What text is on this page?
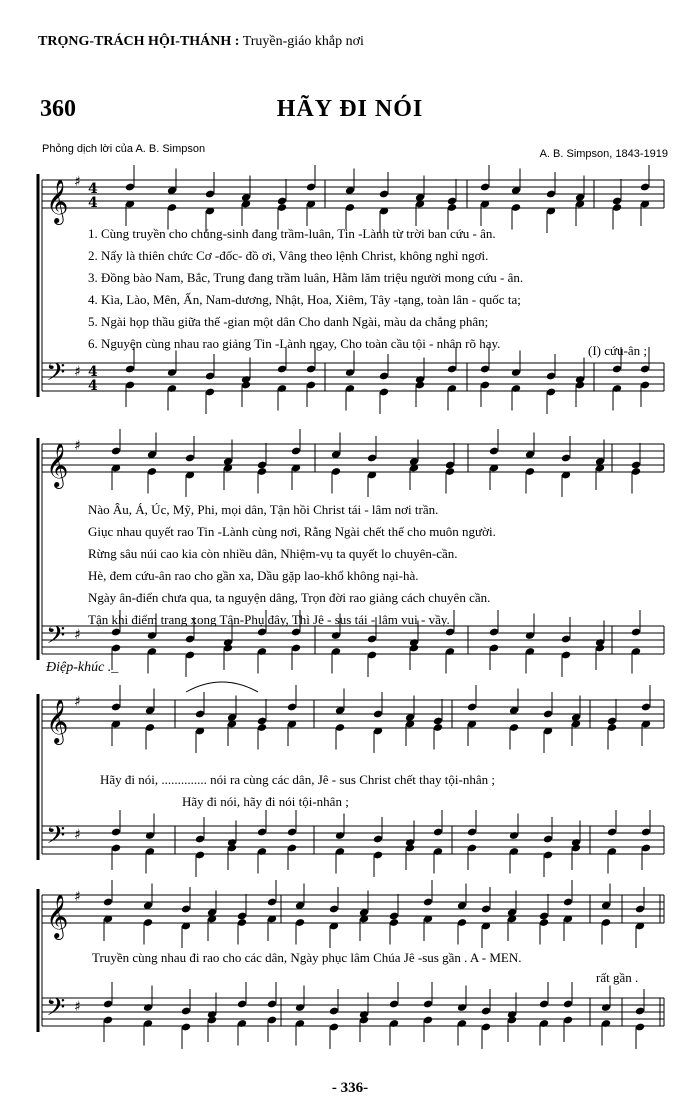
TRỌNG-TRÁCH HỘI-THÁNH : Truyền-giáo khắp nơi
360	HÃY ĐI NÓI
Phỏng dịch lời của A. B. Simpson	A. B. Simpson, 1843-1919
𝄞
𝄢
♯
♯
4
4
4
4
𝄞
𝄢
♯
♯
𝄞
𝄢
♯
♯
𝄞
𝄢
♯
♯
1. Cùng truyền cho chúng-sinh đang trầm-luân, Tin -Lành từ trời ban cứu - ân.
2. Nẩy là thiên chức Cơ -đốc- đồ ơi, Vâng theo lệnh Christ, không nghỉ ngơi.
3. Đồng bào Nam, Bắc, Trung đang trầm luân, Hằm lăm triệu người mong cứu - ân.
4. Kìa, Lào, Mên, Ấn, Nam-dương, Nhật, Hoa, Xiêm, Tây -tạng, toàn lân - quốc ta;
5. Ngài họp thầu giữa thế -gian một dân Cho danh Ngài, màu da chẳng phân;
6. Nguyện cùng nhau rao giảng Tin -Lành ngay, Cho toàn cầu tội - nhân rõ hay.	(I) cứu-ân ;
Nào Âu, Á, Úc, Mỹ, Phi, mọi dân, Tận hồi Christ tái - lâm nơi trần.
Giục nhau quyết rao Tin -Lành cùng nơi, Rằng Ngài chết thế cho muôn người.
Rừng sâu núi cao kia còn nhiều dân, Nhiệm-vụ ta quyết lo chuyên-cần.
Hè, đem cứu-ân rao cho gần xa, Dầu gặp lao-khổ không nại-hà.
Ngày ân-điển chưa qua, ta nguyện dâng, Trọn đời rao giảng cách chuyên cần.
Tận khi điểm trang xong Tân-Phụ đây, Thì Jê - sus tái - lâm vui - vầy.
Điệp-khúc ._
Hãy đi nói, .............. nói ra cùng các dân, Jê - sus Christ chết thay tội-nhân ;
Hãy đi nói, hãy đi nói tội-nhân ;
Truyền cùng nhau đi rao cho các dân, Ngày phục lâm Chúa Jê -sus gần . A - MEN.
rất gần .
- 336-
